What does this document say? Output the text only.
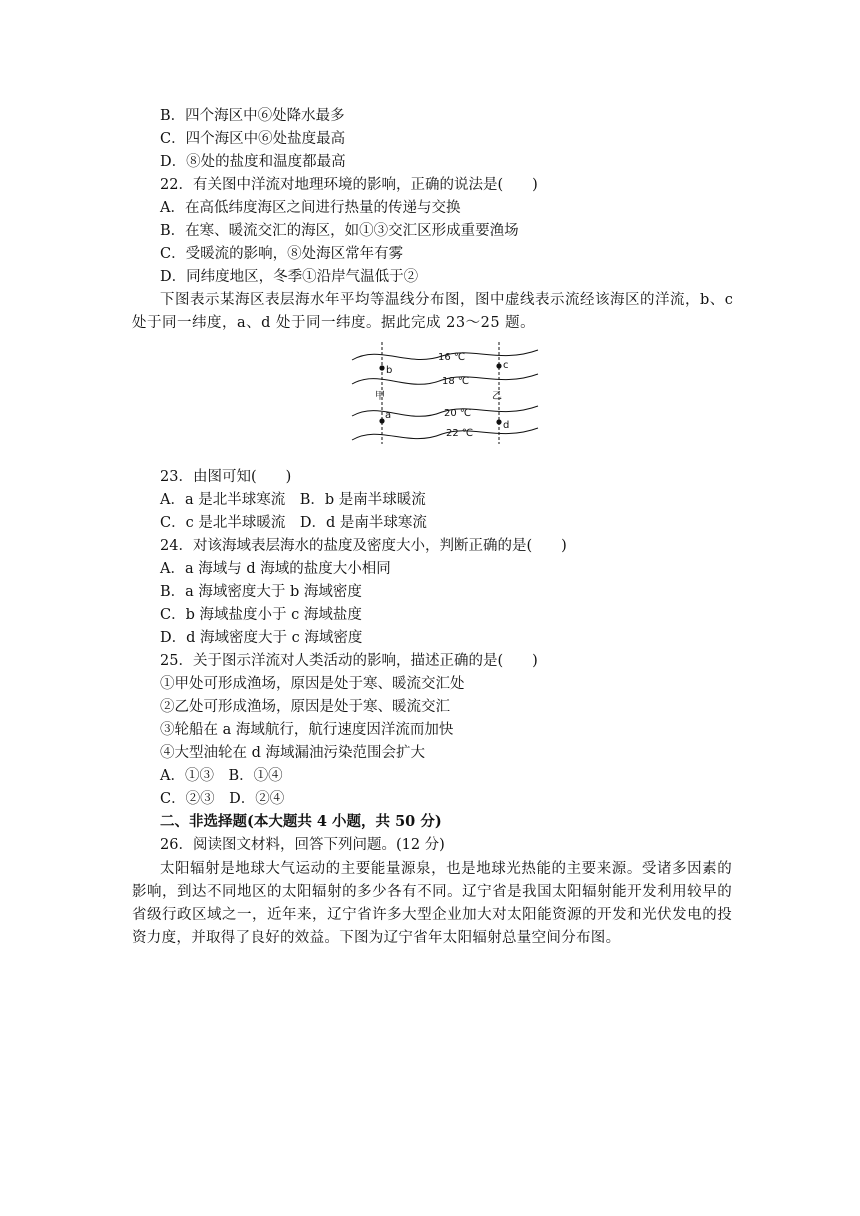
B．四个海区中⑥处降水最多
C．四个海区中⑥处盐度最高
D．⑧处的盐度和温度都最高
22．有关图中洋流对地理环境的影响，正确的说法是(　　)
A．在高低纬度海区之间进行热量的传递与交换
B．在寒、暖流交汇的海区，如①③交汇区形成重要渔场
C．受暖流的影响，⑧处海区常年有雾
D．同纬度地区，冬季①沿岸气温低于②
下图表示某海区表层海水年平均等温线分布图，图中虚线表示流经该海区的洋流，b、c
处于同一纬度，a、d 处于同一纬度。据此完成 23～25 题。
16 ℃
18 ℃
20 ℃
22 ℃
b
a
c
d
甲	乙
23．由图可知(　　)
A．a 是北半球寒流　B．b 是南半球暖流
C．c 是北半球暖流　D．d 是南半球寒流
24．对该海域表层海水的盐度及密度大小，判断正确的是(　　)
A．a 海域与 d 海域的盐度大小相同
B．a 海域密度大于 b 海域密度
C．b 海域盐度小于 c 海域盐度
D．d 海域密度大于 c 海域密度
25．关于图示洋流对人类活动的影响，描述正确的是(　　)
①甲处可形成渔场，原因是处于寒、暖流交汇处
②乙处可形成渔场，原因是处于寒、暖流交汇
③轮船在 a 海域航行，航行速度因洋流而加快
④大型油轮在 d 海域漏油污染范围会扩大
A．①③　B．①④
C．②③　D．②④
二、非选择题(本大题共 4 小题，共 50 分)
26．阅读图文材料，回答下列问题。(12 分)

太阳辐射是地球大气运动的主要能量源泉，也是地球光热能的主要来源。受诸多因素的影响，到达不同地区的太阳辐射的多少各有不同。辽宁省是我国太阳辐射能开发利用较早的省级行政区域之一，近年来，辽宁省许多大型企业加大对太阳能资源的开发和光伏发电的投资力度，并取得了良好的效益。下图为辽宁省年太阳辐射总量空间分布图。
